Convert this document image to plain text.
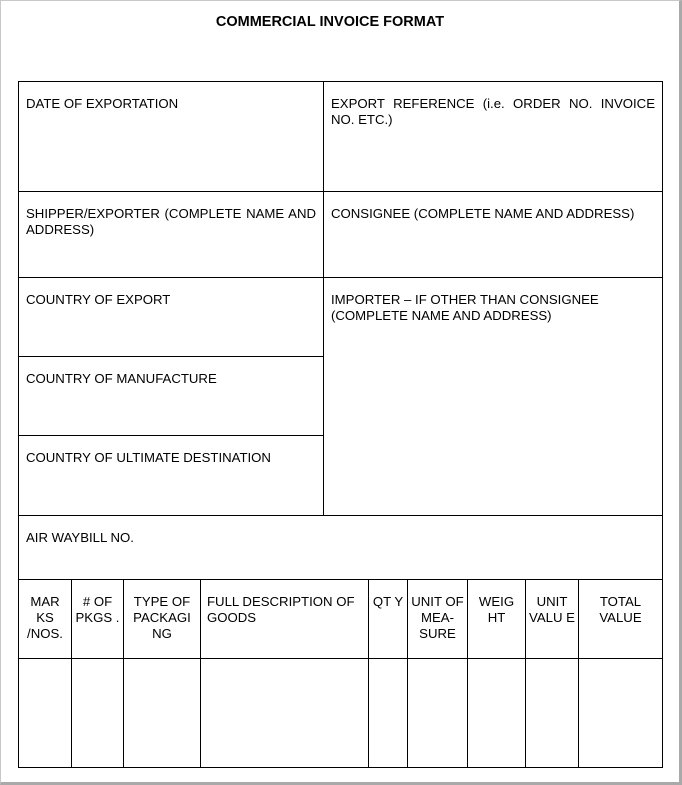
COMMERCIAL INVOICE FORMAT
DATE OF EXPORTATION	EXPORT REFERENCE (i.e. ORDER NO. INVOICE NO. ETC.)
SHIPPER/EXPORTER (COMPLETE NAME AND ADDRESS)
CONSIGNEE (COMPLETE NAME AND ADDRESS)
COUNTRY OF EXPORT
COUNTRY OF MANUFACTURE
COUNTRY OF ULTIMATE DESTINATION
IMPORTER – IF OTHER THAN CONSIGNEE (COMPLETE NAME AND ADDRESS)
AIR WAYBILL NO.
MAR KS /NOS.
# OF PKGS .
TYPE OF PACKAGI NG
FULL DESCRIPTION OF GOODS
QT Y UNIT OF MEA- SURE
WEIG HT
UNIT VALU E
TOTAL VALUE
